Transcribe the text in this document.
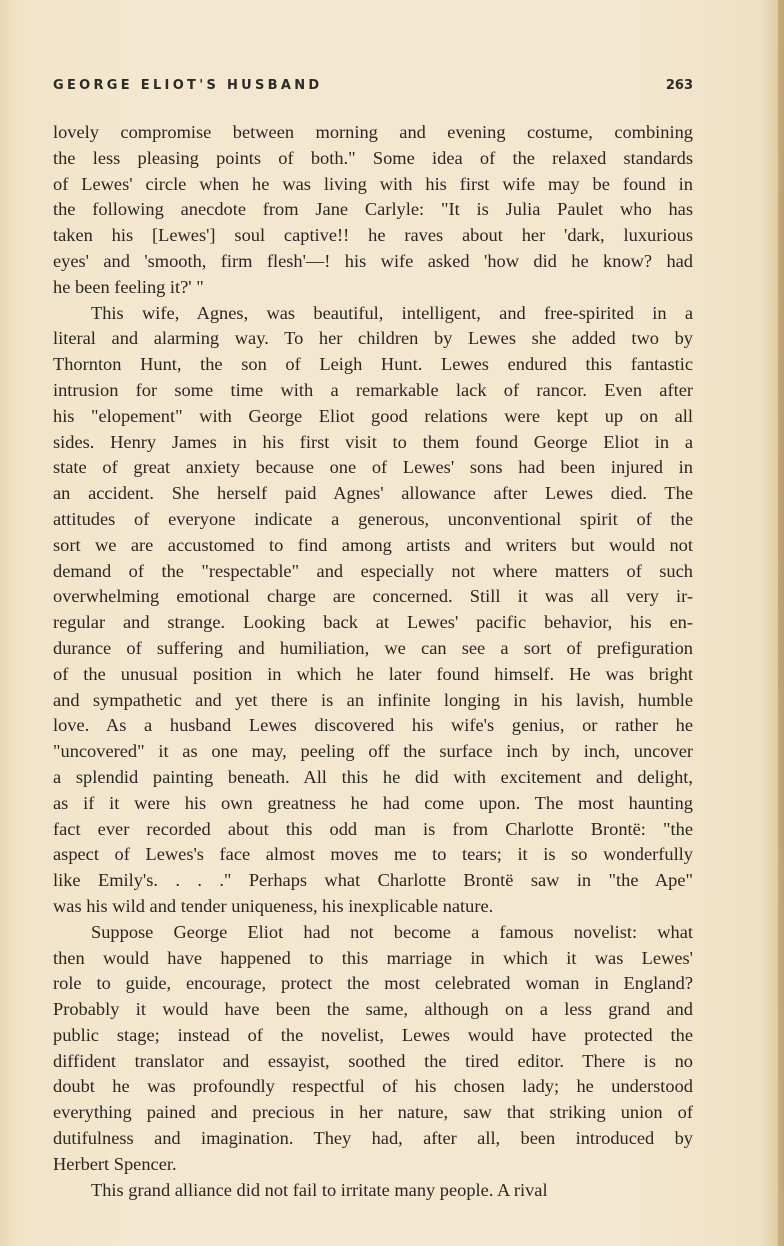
GEORGE ELIOT'S HUSBAND	263
lovely compromise between morning and evening costume, combining
the less pleasing points of both." Some idea of the relaxed standards
of Lewes' circle when he was living with his first wife may be found in
the following anecdote from Jane Carlyle: "It is Julia Paulet who has
taken his [Lewes'] soul captive!! he raves about her 'dark, luxurious
eyes' and 'smooth, firm flesh'—! his wife asked 'how did he know? had
he been feeling it?' "
This wife, Agnes, was beautiful, intelligent, and free-spirited in a
literal and alarming way. To her children by Lewes she added two by
Thornton Hunt, the son of Leigh Hunt. Lewes endured this fantastic
intrusion for some time with a remarkable lack of rancor. Even after
his "elopement" with George Eliot good relations were kept up on all
sides. Henry James in his first visit to them found George Eliot in a
state of great anxiety because one of Lewes' sons had been injured in
an accident. She herself paid Agnes' allowance after Lewes died. The
attitudes of everyone indicate a generous, unconventional spirit of the
sort we are accustomed to find among artists and writers but would not
demand of the "respectable" and especially not where matters of such
overwhelming emotional charge are concerned. Still it was all very ir-
regular and strange. Looking back at Lewes' pacific behavior, his en-
durance of suffering and humiliation, we can see a sort of prefiguration
of the unusual position in which he later found himself. He was bright
and sympathetic and yet there is an infinite longing in his lavish, humble
love. As a husband Lewes discovered his wife's genius, or rather he
"uncovered" it as one may, peeling off the surface inch by inch, uncover
a splendid painting beneath. All this he did with excitement and delight,
as if it were his own greatness he had come upon. The most haunting
fact ever recorded about this odd man is from Charlotte Brontë: "the
aspect of Lewes's face almost moves me to tears; it is so wonderfully
like Emily's. . . ." Perhaps what Charlotte Brontë saw in "the Ape"
was his wild and tender uniqueness, his inexplicable nature.
Suppose George Eliot had not become a famous novelist: what
then would have happened to this marriage in which it was Lewes'
role to guide, encourage, protect the most celebrated woman in England?
Probably it would have been the same, although on a less grand and
public stage; instead of the novelist, Lewes would have protected the
diffident translator and essayist, soothed the tired editor. There is no
doubt he was profoundly respectful of his chosen lady; he understood
everything pained and precious in her nature, saw that striking union of
dutifulness and imagination. They had, after all, been introduced by
Herbert Spencer.
This grand alliance did not fail to irritate many people. A rival
